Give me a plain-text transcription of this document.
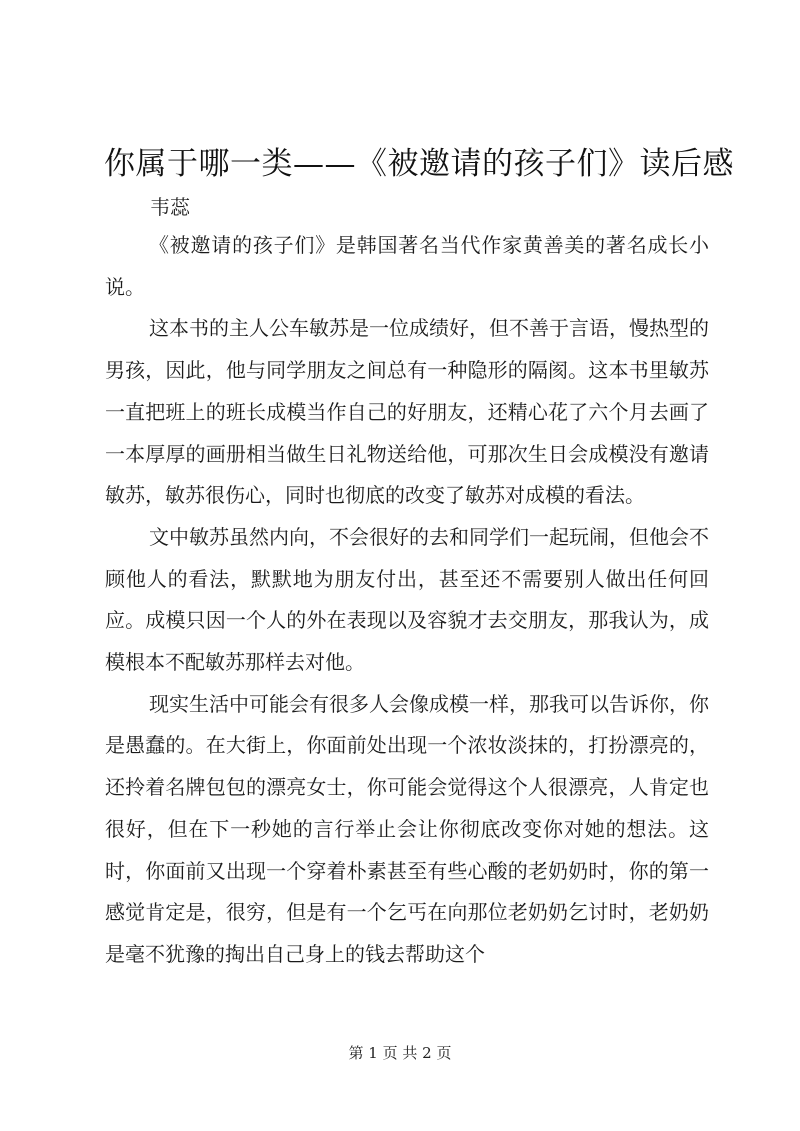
你属于哪一类——《被邀请的孩子们》读后感
韦蕊

《被邀请的孩子们》是韩国著名当代作家黄善美的著名成长小说。

这本书的主人公车敏苏是一位成绩好，但不善于言语，慢热型的男孩，因此，他与同学朋友之间总有一种隐形的隔阂。这本书里敏苏一直把班上的班长成模当作自己的好朋友，还精心花了六个月去画了一本厚厚的画册相当做生日礼物送给他，可那次生日会成模没有邀请敏苏，敏苏很伤心，同时也彻底的改变了敏苏对成模的看法。

文中敏苏虽然内向，不会很好的去和同学们一起玩闹，但他会不顾他人的看法，默默地为朋友付出，甚至还不需要别人做出任何回应。成模只因一个人的外在表现以及容貌才去交朋友，那我认为，成模根本不配敏苏那样去对他。

现实生活中可能会有很多人会像成模一样，那我可以告诉你，你是愚蠢的。在大街上，你面前处出现一个浓妆淡抹的，打扮漂亮的，还拎着名牌包包的漂亮女士，你可能会觉得这个人很漂亮，人肯定也很好，但在下一秒她的言行举止会让你彻底改变你对她的想法。这时，你面前又出现一个穿着朴素甚至有些心酸的老奶奶时，你的第一感觉肯定是，很穷，但是有一个乞丐在向那位老奶奶乞讨时，老奶奶是毫不犹豫的掏出自己身上的钱去帮助这个

第 1 页 共 2 页
